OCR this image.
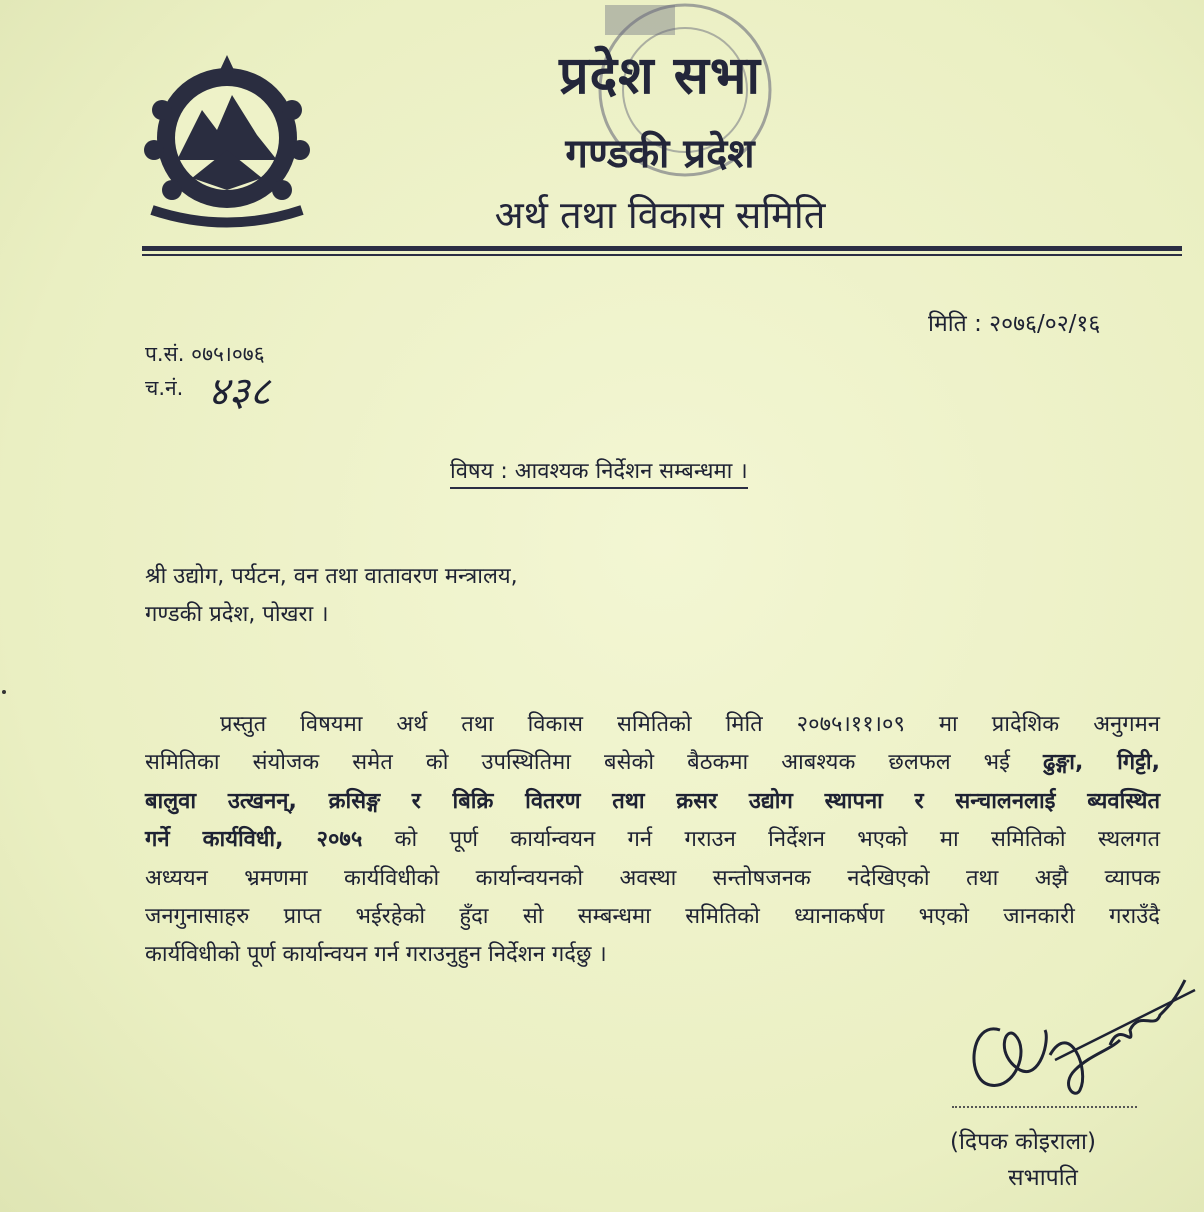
प्रदेश सभा
गण्डकी प्रदेश
अर्थ तथा विकास समिति
मिति : २०७६/०२/१६
प.सं. ०७५।०७६
च.नं. ४३८
विषय : आवश्यक निर्देशन सम्बन्धमा ।
श्री उद्योग, पर्यटन, वन तथा वातावरण मन्त्रालय,
गण्डकी प्रदेश, पोखरा ।
प्रस्तुत विषयमा अर्थ तथा विकास समितिको मिति २०७५।११।०९ मा प्रादेशिक अनुगमन
समितिका संयोजक समेत को उपस्थितिमा बसेको बैठकमा आबश्यक छलफल भई ढुङ्गा, गिट्टी,
बालुवा उत्खनन्, क्रसिङ्ग र बिक्रि वितरण तथा क्रसर उद्योग स्थापना र सन्चालनलाई ब्यवस्थित
गर्ने कार्यविधी, २०७५ को पूर्ण कार्यान्वयन गर्न गराउन निर्देशन भएको मा समितिको स्थलगत
अध्ययन भ्रमणमा कार्यविधीको कार्यान्वयनको अवस्था सन्तोषजनक नदेखिएको तथा अझै व्यापक
जनगुनासाहरु प्राप्त भईरहेको हुँदा सो सम्बन्धमा समितिको ध्यानाकर्षण भएको जानकारी गराउँदै
कार्यविधीको पूर्ण कार्यान्वयन गर्न गराउनुहुन निर्देशन गर्दछु ।
(दिपक कोइराला)
सभापति
